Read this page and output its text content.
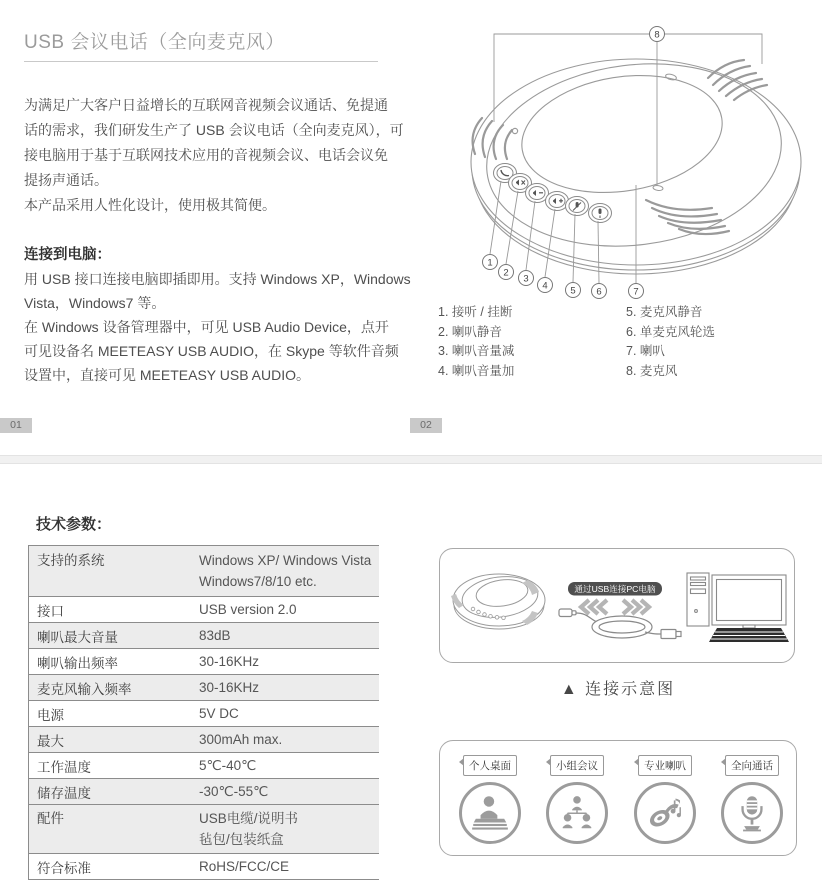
USB 会议电话（全向麦克风）
为满足广大客户日益增长的互联网音视频会议通话、免提通
话的需求，我们研发生产了 USB 会议电话（全向麦克风），可
接电脑用于基于互联网技术应用的音视频会议、电话会议免
提扬声通话。
本产品采用人性化设计，使用极其简便。
连接到电脑：
用 USB 接口连接电脑即插即用。支持 Windows XP，Windows
Vista，Windows7 等。
在 Windows 设备管理器中，可见 USB Audio Device，点开
可见设备名 MEETEASY USB AUDIO，在 Skype 等软件音频
设置中，直接可见 MEETEASY USB AUDIO。
01	02
1
2
3
4 5 6	7
8
1. 接听 / 挂断
2. 喇叭静音
3. 喇叭音量减
4. 喇叭音量加
5. 麦克风静音
6. 单麦克风轮选
7. 喇叭
8. 麦克风
技术参数：
支持的系统	Windows XP/ Windows Vista
Windows7/8/10 etc.
接口	USB version 2.0
喇叭最大音量	83dB
喇叭输出频率	30-16KHz
麦克风输入频率	30-16KHz
电源	5V DC
最大	300mAh max.
工作温度	5℃-40℃
储存温度	-30℃-55℃
配件	USB电缆/说明书
毡包/包装纸盒
符合标准	RoHS/FCC/CE
通过USB连接PC电脑
▲ 连接示意图
个人桌面	小组会议	专业喇叭	全向通话
